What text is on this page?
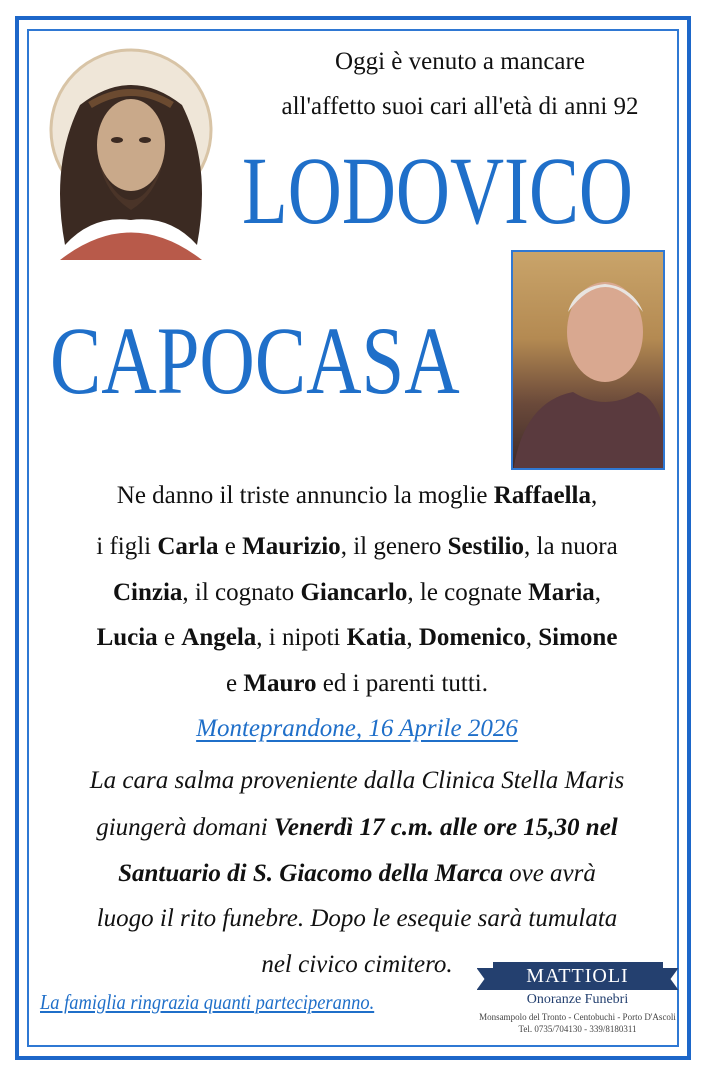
Oggi è venuto a mancare
all'affetto suoi cari all'età di anni 92
LODOVICO
CAPOCASA
Ne danno il triste annuncio la moglie Raffaella,
i figli Carla e Maurizio, il genero Sestilio, la nuora
Cinzia, il cognato Giancarlo, le cognate Maria,
Lucia e Angela, i nipoti Katia, Domenico, Simone
e Mauro ed i parenti tutti.
Monteprandone, 16 Aprile 2026
La cara salma proveniente dalla Clinica Stella Maris
giungerà domani Venerdì 17 c.m. alle ore 15,30 nel
Santuario di S. Giacomo della Marca ove avrà
luogo il rito funebre. Dopo le esequie sarà tumulata
nel civico cimitero.
La famiglia ringrazia quanti parteciperanno.
MATTIOLI
Onoranze Funebri
Monsampolo del Tronto - Centobuchi - Porto D'Ascoli
Tel. 0735/704130 - 339/8180311
